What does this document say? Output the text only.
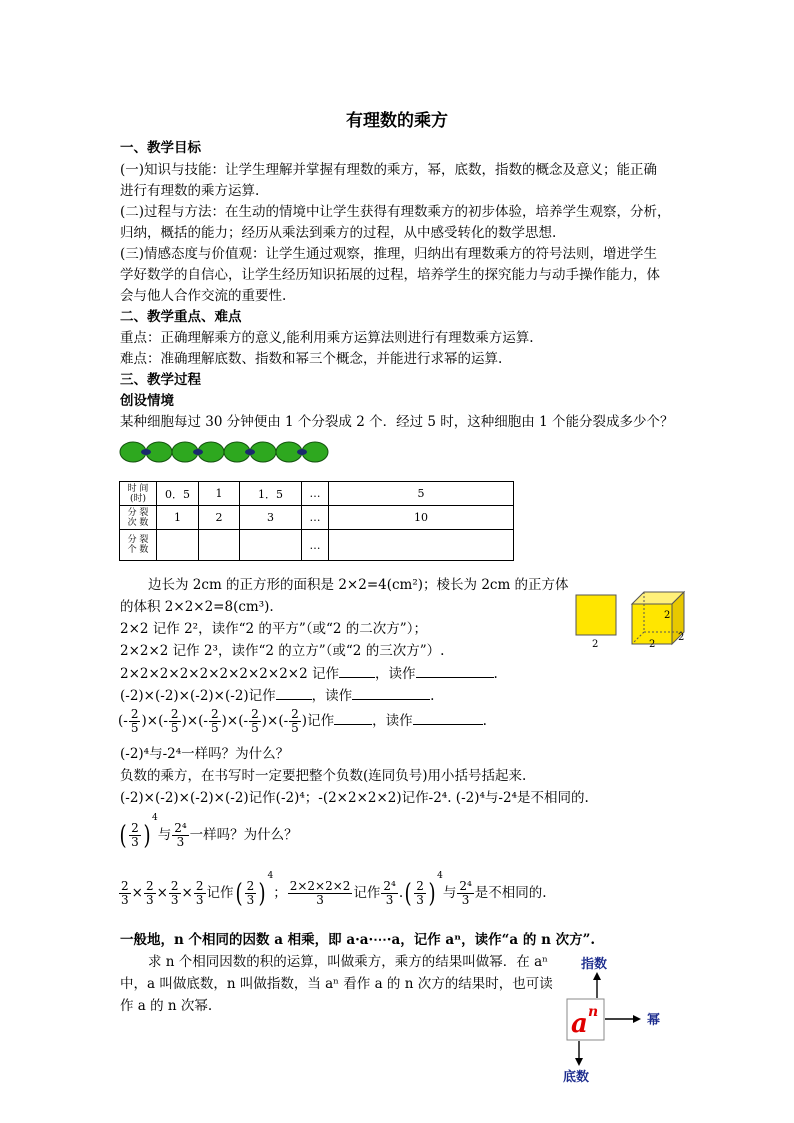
有理数的乘方
一、教学目标
(一)知识与技能：让学生理解并掌握有理数的乘方，幂，底数，指数的概念及意义；能正确
进行有理数的乘方运算.
(二)过程与方法：在生动的情境中让学生获得有理数乘方的初步体验，培养学生观察，分析，
归纳，概括的能力；经历从乘法到乘方的过程，从中感受转化的数学思想.
(三)情感态度与价值观：让学生通过观察，推理，归纳出有理数乘方的符号法则，增进学生
学好数学的自信心，让学生经历知识拓展的过程，培养学生的探究能力与动手操作能力，体
会与他人合作交流的重要性.
二、教学重点、难点
重点：正确理解乘方的意义,能利用乘方运算法则进行有理数乘方运算.
难点：准确理解底数、指数和幂三个概念，并能进行求幂的运算.
三、教学过程
创设情境
某种细胞每过 30 分钟便由 1 个分裂成 2 个．经过 5 时，这种细胞由 1 个能分裂成多少个？
时 间
(时)	0．5	1	1．5	…	5
分 裂
次 数	1	2	3	…	10
分 裂
个 数				…	
边长为 2cm 的正方形的面积是 2×2=4(cm²)；棱长为 2cm 的正方体
的体积 2×2×2=8(cm³).
2×2 记作 2²，读作“2 的平方”（或“2 的二次方”）；
2×2×2 记作 2³，读作“2 的立方”（或“2 的三次方”）.
2×2×2×2×2×2×2×2×2×2 记作	，读作	.
(-2)×(-2)×(-2)×(-2)记作	，读作	.
(- $\frac{2}{5}$ )×(- $\frac{2}{5}$ )×(- $\frac{2}{5}$ )×(- $\frac{2}{5}$ )×(- $\frac{2}{5}$ )记作	，读作	.
(-2)⁴与-2⁴一样吗？为什么？
负数的乘方，在书写时一定要把整个负数(连同负号)用小括号括起来.
(-2)×(-2)×(-2)×(-2)记作(-2)⁴；-(2×2×2×2)记作-2⁴. (-2)⁴与-2⁴是不相同的.
( $\frac{2}{3} )^4$与 $\frac{\text{2⁴}}{3}$ 一样吗？为什么？
$\frac{2}{3} \times \frac{2}{3} \times \frac{2}{3} \times \frac{2}{3}$ 记作( $\frac{2}{3} )^4$； $\frac{2\times 2\times 2\times 2}{3}$ 记作 $\frac{\text{2⁴}}{3}$ .( $\frac{2}{3} )^4$与 $\frac{\text{2⁴}}{3}$ 是不相同的.
一般地，n 个相同的因数 a 相乘，即 a·a·⋯·a，记作 aⁿ，读作“a 的 n 次方”.
求 n 个相同因数的积的运算，叫做乘方，乘方的结果叫做幂．在 aⁿ
中，a 叫做底数，n 叫做指数，当 aⁿ 看作 a 的 n 次方的结果时，也可读
作 a 的 n 次幂.
2
2
2
2
指数
a n
幂
底数
